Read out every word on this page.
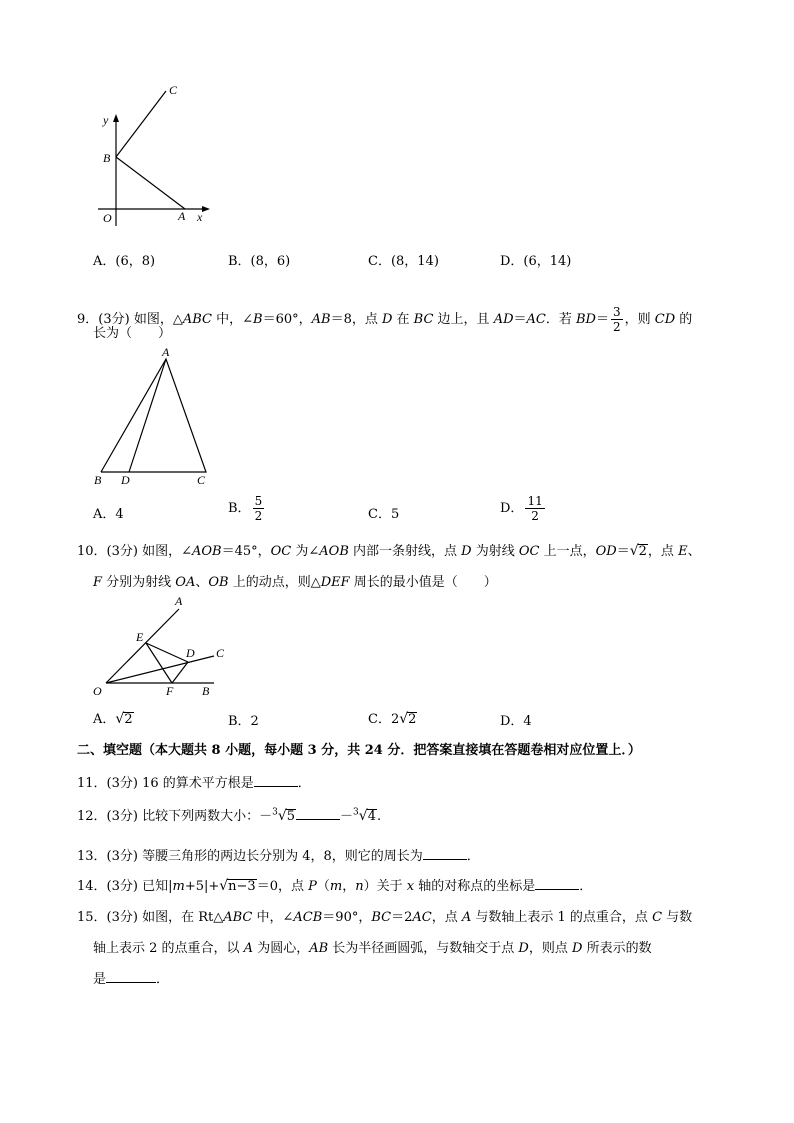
C
y
B
O	A x
A．(6，8)	B．(8，6)	C．(8，14)	D．(6，14)
9．(3分) 如图，△ABC 中，∠B＝60°，AB＝8，点 D 在 BC 边上，且 AD＝AC．若 $BD= \frac{3}{2}$ ，则 CD 的
长为（　　）
A
B D	C
A．4	B． $\frac{5}{2}$	C．5	D． $\frac{11}{2}$
10．(3分) 如图，∠AOB＝45°，OC 为∠AOB 内部一条射线，点 D 为射线 OC 上一点，OD＝√2，点 E、
F 分别为射线 OA、OB 上的动点，则△DEF 周长的最小值是（　　）
A
E
D C
O	F B
A．√2	B．2	C．2√2	D．4
二、填空题（本大题共 8 小题，每小题 3 分，共 24 分．把答案直接填在答题卷相对应位置上．）
11．(3分) 16 的算术平方根是	．
12．(3分) 比较下列两数大小：－$^3$√5	－$^3$√4.
13．(3分) 等腰三角形的两边长分别为 4，8，则它的周长为	．
14．(3分) 已知|m+5|+√n−3＝0，点 P（m，n）关于 x 轴的对称点的坐标是	．
15．(3分) 如图，在 Rt△ABC 中，∠ACB＝90°，BC＝2AC，点 A 与数轴上表示 1 的点重合，点 C 与数
轴上表示 2 的点重合，以 A 为圆心，AB 长为半径画圆弧，与数轴交于点 D，则点 D 所表示的数
是	．
